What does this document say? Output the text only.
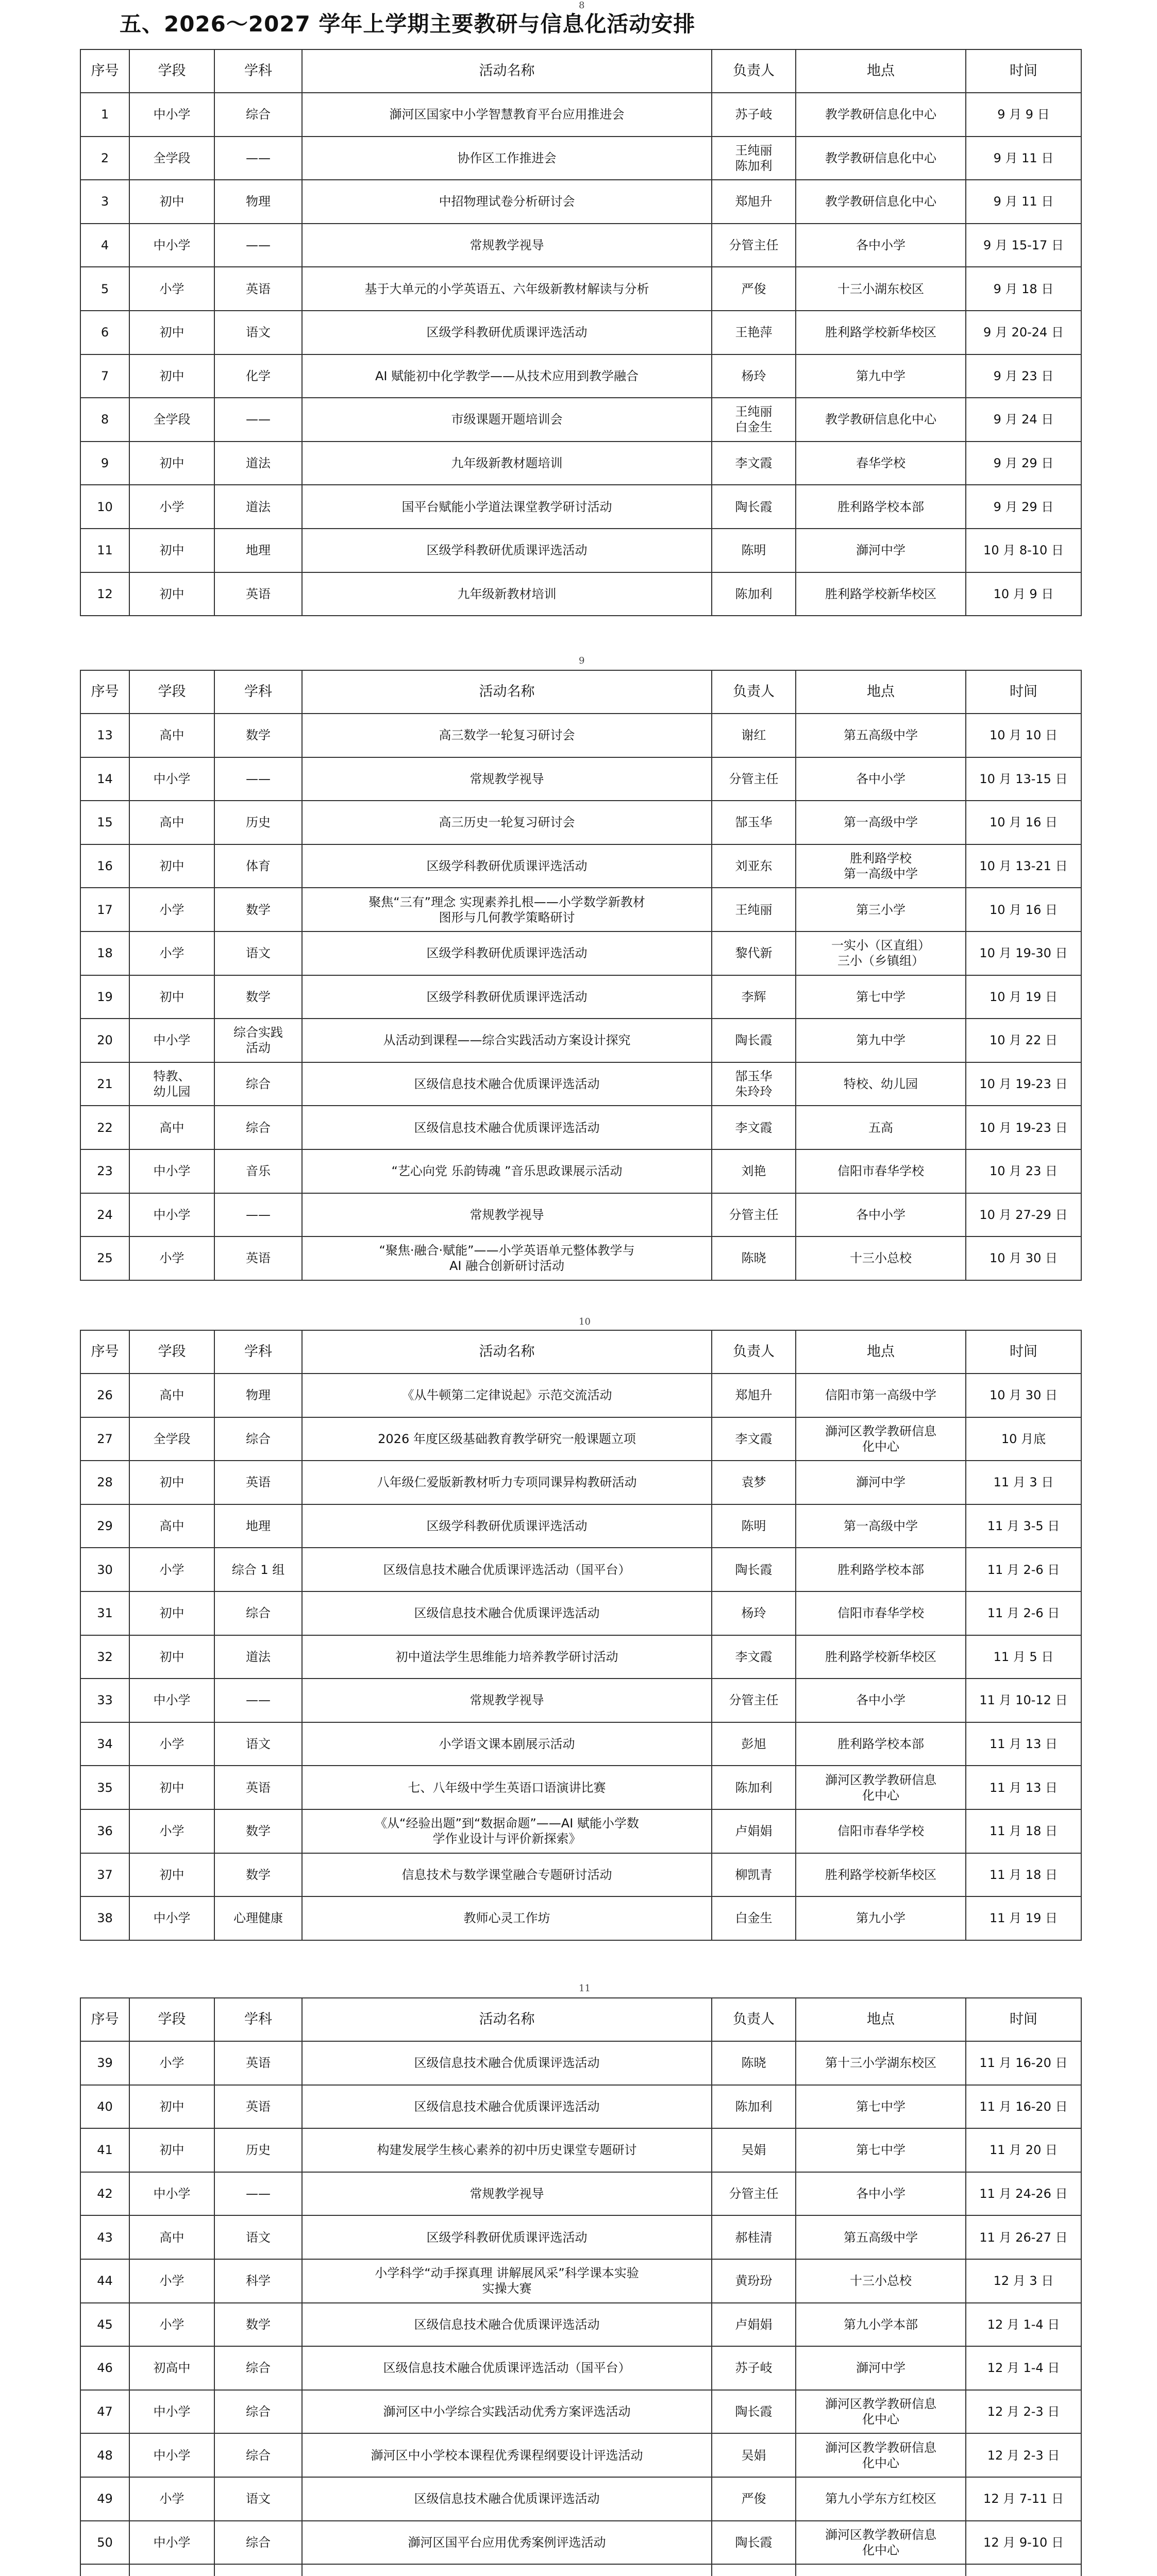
五、2026～2027 学年上学期主要教研与信息化活动安排
8
序号	学段	学科	活动名称	负责人	地点	时间
1	中小学	综合	溮河区国家中小学智慧教育平台应用推进会	苏子岐	教学教研信息化中心	9 月 9 日
2	全学段	——	协作区工作推进会	王纯丽
陈加利	教学教研信息化中心	9 月 11 日
3	初中	物理	中招物理试卷分析研讨会	郑旭升	教学教研信息化中心	9 月 11 日
4	中小学	——	常规教学视导	分管主任	各中小学	9 月 15-17 日
5	小学	英语	基于大单元的小学英语五、六年级新教材解读与分析	严俊	十三小湖东校区	9 月 18 日
6	初中	语文	区级学科教研优质课评选活动	王艳萍	胜利路学校新华校区	9 月 20-24 日
7	初中	化学	AI 赋能初中化学教学——从技术应用到教学融合	杨玲	第九中学	9 月 23 日
8	全学段	——	市级课题开题培训会	王纯丽
白金生	教学教研信息化中心	9 月 24 日
9	初中	道法	九年级新教材题培训	李文霞	春华学校	9 月 29 日
10	小学	道法	国平台赋能小学道法课堂教学研讨活动	陶长霞	胜利路学校本部	9 月 29 日
11	初中	地理	区级学科教研优质课评选活动	陈明	溮河中学	10 月 8-10 日
12	初中	英语	九年级新教材培训	陈加利	胜利路学校新华校区	10 月 9 日
9
序号	学段	学科	活动名称	负责人	地点	时间
13	高中	数学	高三数学一轮复习研讨会	谢红	第五高级中学	10 月 10 日
14	中小学	——	常规教学视导	分管主任	各中小学	10 月 13-15 日
15	高中	历史	高三历史一轮复习研讨会	郜玉华	第一高级中学	10 月 16 日
16	初中	体育	区级学科教研优质课评选活动	刘亚东	胜利路学校
第一高级中学	10 月 13-21 日
17	小学	数学	聚焦“三有”理念 实现素养扎根——小学数学新教材
图形与几何教学策略研讨	王纯丽	第三小学	10 月 16 日
18	小学	语文	区级学科教研优质课评选活动	黎代新	一实小（区直组）
三小（乡镇组）	10 月 19-30 日
19	初中	数学	区级学科教研优质课评选活动	李辉	第七中学	10 月 19 日
20	中小学	综合实践
活动	从活动到课程——综合实践活动方案设计探究	陶长霞	第九中学	10 月 22 日
21	特教、
幼儿园	综合	区级信息技术融合优质课评选活动	郜玉华
朱玲玲	特校、幼儿园	10 月 19-23 日
22	高中	综合	区级信息技术融合优质课评选活动	李文霞	五高	10 月 19-23 日
23	中小学	音乐	“艺心向党 乐韵铸魂 ”音乐思政课展示活动	刘艳	信阳市春华学校	10 月 23 日
24	中小学	——	常规教学视导	分管主任	各中小学	10 月 27-29 日
25	小学	英语	“聚焦·融合·赋能”——小学英语单元整体教学与
AI 融合创新研讨活动	陈晓	十三小总校	10 月 30 日
10
序号	学段	学科	活动名称	负责人	地点	时间
26	高中	物理	《从牛顿第二定律说起》示范交流活动	郑旭升	信阳市第一高级中学	10 月 30 日
27	全学段	综合	2026 年度区级基础教育教学研究一般课题立项	李文霞	溮河区教学教研信息
化中心	10 月底
28	初中	英语	八年级仁爱版新教材听力专项同课异构教研活动	袁梦	溮河中学	11 月 3 日
29	高中	地理	区级学科教研优质课评选活动	陈明	第一高级中学	11 月 3-5 日
30	小学	综合 1 组	区级信息技术融合优质课评选活动（国平台）	陶长霞	胜利路学校本部	11 月 2-6 日
31	初中	综合	区级信息技术融合优质课评选活动	杨玲	信阳市春华学校	11 月 2-6 日
32	初中	道法	初中道法学生思维能力培养教学研讨活动	李文霞	胜利路学校新华校区	11 月 5 日
33	中小学	——	常规教学视导	分管主任	各中小学	11 月 10-12 日
34	小学	语文	小学语文课本剧展示活动	彭旭	胜利路学校本部	11 月 13 日
35	初中	英语	七、八年级中学生英语口语演讲比赛	陈加利	溮河区教学教研信息
化中心	11 月 13 日
36	小学	数学	《从“经验出题”到“数据命题”——AI 赋能小学数
学作业设计与评价新探索》	卢娟娟	信阳市春华学校	11 月 18 日
37	初中	数学	信息技术与数学课堂融合专题研讨活动	柳凯青	胜利路学校新华校区	11 月 18 日
38	中小学	心理健康	教师心灵工作坊	白金生	第九小学	11 月 19 日
11
序号	学段	学科	活动名称	负责人	地点	时间
39	小学	英语	区级信息技术融合优质课评选活动	陈晓	第十三小学湖东校区	11 月 16-20 日
40	初中	英语	区级信息技术融合优质课评选活动	陈加利	第七中学	11 月 16-20 日
41	初中	历史	构建发展学生核心素养的初中历史课堂专题研讨	吴娟	第七中学	11 月 20 日
42	中小学	——	常规教学视导	分管主任	各中小学	11 月 24-26 日
43	高中	语文	区级学科教研优质课评选活动	郝桂清	第五高级中学	11 月 26-27 日
44	小学	科学	小学科学“动手探真理 讲解展风采”科学课本实验
实操大赛	黄玢玢	十三小总校	12 月 3 日
45	小学	数学	区级信息技术融合优质课评选活动	卢娟娟	第九小学本部	12 月 1-4 日
46	初高中	综合	区级信息技术融合优质课评选活动（国平台）	苏子岐	溮河中学	12 月 1-4 日
47	中小学	综合	溮河区中小学综合实践活动优秀方案评选活动	陶长霞	溮河区教学教研信息
化中心	12 月 2-3 日
48	中小学	综合	溮河区中小学校本课程优秀课程纲要设计评选活动	吴娟	溮河区教学教研信息
化中心	12 月 2-3 日
49	小学	语文	区级信息技术融合优质课评选活动	严俊	第九小学东方红校区	12 月 7-11 日
50	中小学	综合	溮河区国平台应用优秀案例评选活动	陶长霞	溮河区教学教研信息
化中心	12 月 9-10 日
